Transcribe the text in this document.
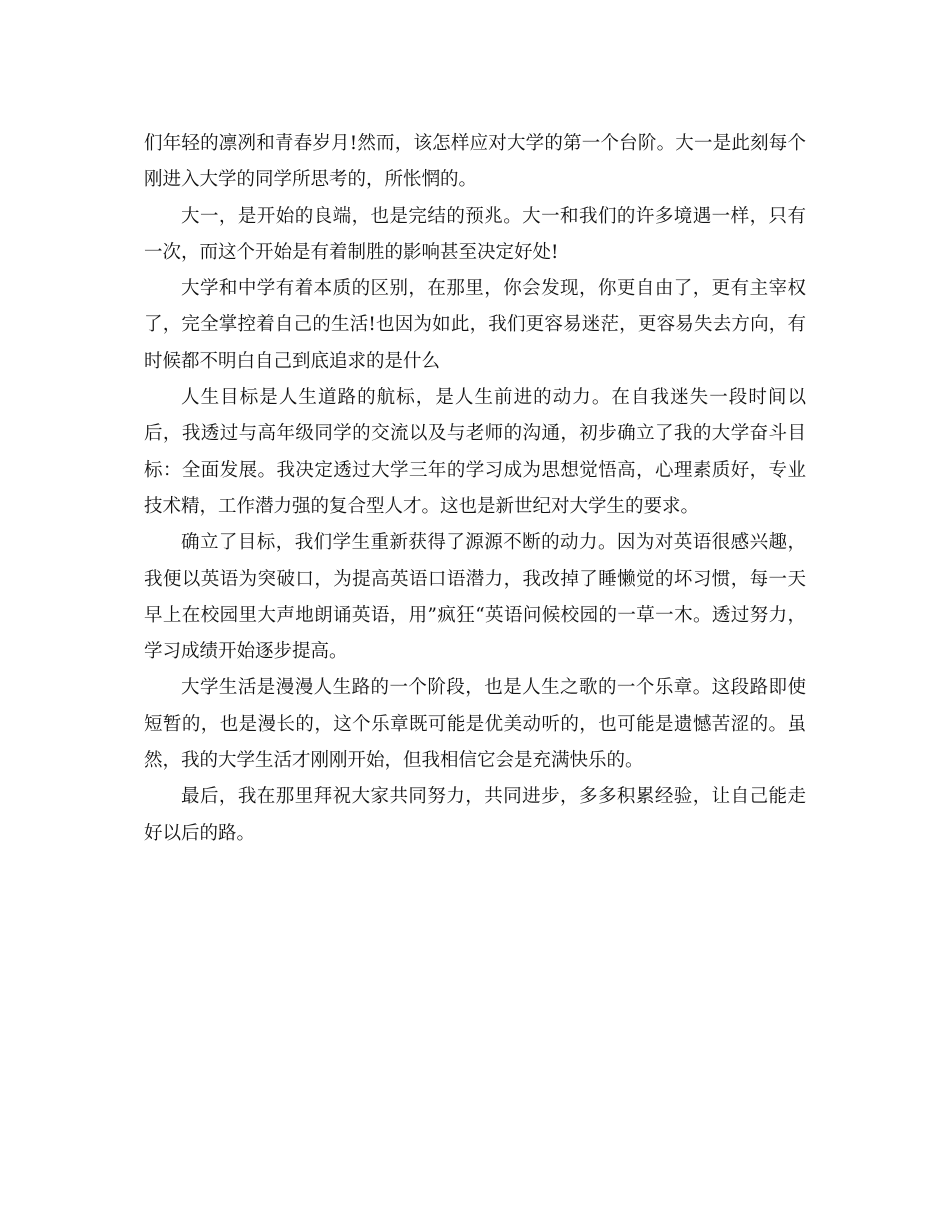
们年轻的凛冽和青春岁月!然而，该怎样应对大学的第一个台阶。大一是此刻每个刚进入大学的同学所思考的，所怅惘的。

大一，是开始的良端，也是完结的预兆。大一和我们的许多境遇一样，只有一次，而这个开始是有着制胜的影响甚至决定好处!

大学和中学有着本质的区别，在那里，你会发现，你更自由了，更有主宰权了，完全掌控着自己的生活!也因为如此，我们更容易迷茫，更容易失去方向，有时候都不明白自己到底追求的是什么

人生目标是人生道路的航标，是人生前进的动力。在自我迷失一段时间以后，我透过与高年级同学的交流以及与老师的沟通，初步确立了我的大学奋斗目标：全面发展。我决定透过大学三年的学习成为思想觉悟高，心理素质好，专业技术精，工作潜力强的复合型人才。这也是新世纪对大学生的要求。

确立了目标，我们学生重新获得了源源不断的动力。因为对英语很感兴趣，我便以英语为突破口，为提高英语口语潜力，我改掉了睡懒觉的坏习惯，每一天早上在校园里大声地朗诵英语，用”疯狂“英语问候校园的一草一木。透过努力，学习成绩开始逐步提高。

大学生活是漫漫人生路的一个阶段，也是人生之歌的一个乐章。这段路即使短暂的，也是漫长的，这个乐章既可能是优美动听的，也可能是遗憾苦涩的。虽然，我的大学生活才刚刚开始，但我相信它会是充满快乐的。

最后，我在那里拜祝大家共同努力，共同进步，多多积累经验，让自己能走好以后的路。
